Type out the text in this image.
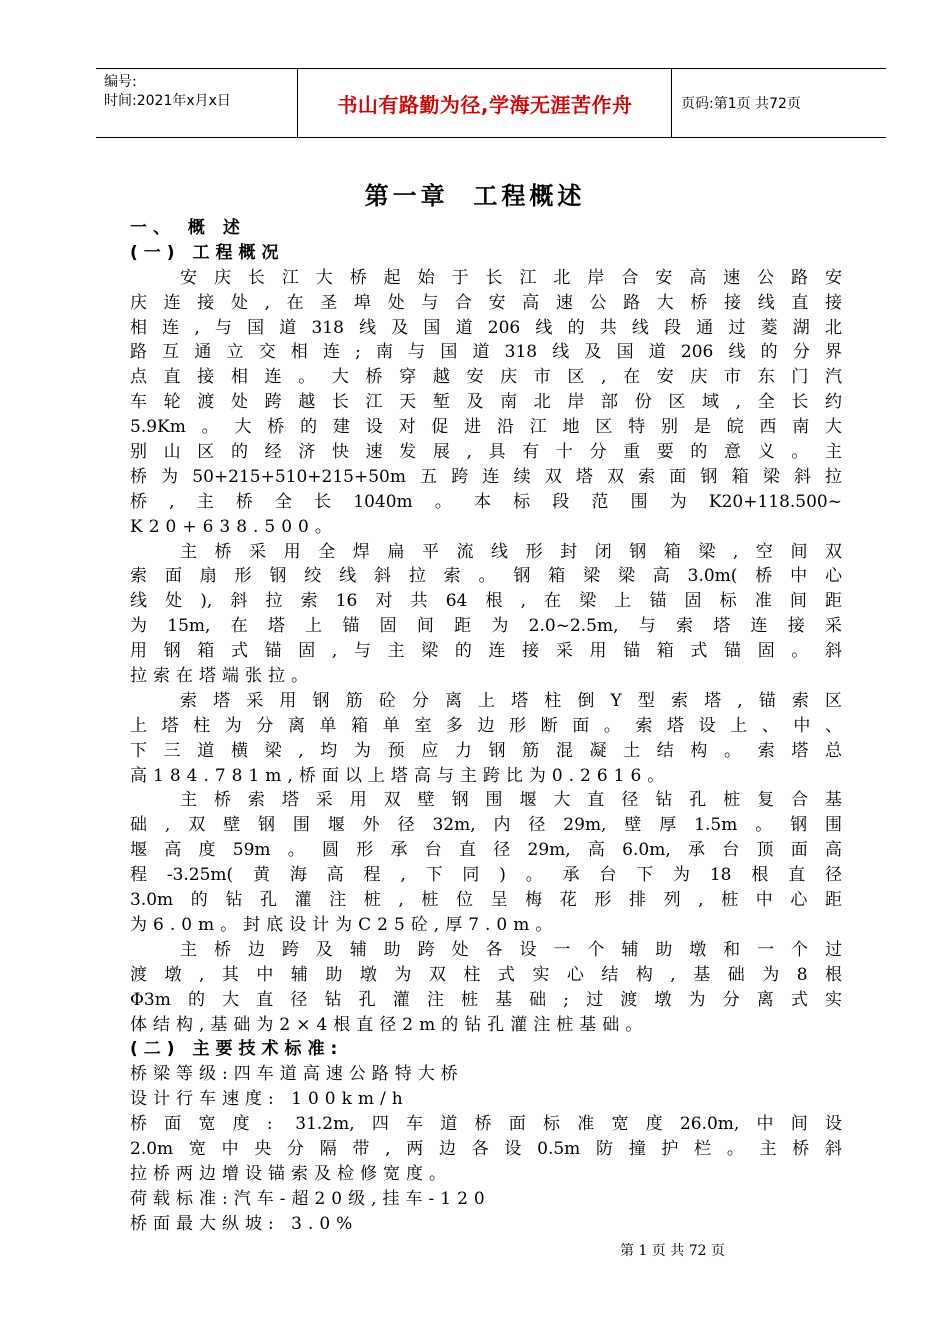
编号:
时间:2021年x月x日	书山有路勤为径,学海无涯苦作舟	页码:第1页 共72页
第一章  工程概述
一、 概 述
(一) 工程概况
安庆长江大桥起始于长江北岸合安高速公路安
庆连接处,在圣埠处与合安高速公路大桥接线直接
相连,与国道318线及国道206线的共线段通过菱湖北
路互通立交相连;南与国道318线及国道206线的分界
点直接相连。大桥穿越安庆市区,在安庆市东门汽
车轮渡处跨越长江天堑及南北岸部份区域,全长约
5.9Km。大桥的建设对促进沿江地区特别是皖西南大
别山区的经济快速发展,具有十分重要的意义。主
桥为50+215+510+215+50m五跨连续双塔双索面钢箱梁斜拉
桥,主桥全长1040m。本标段范围为K20+118.500~
K20+638.500。
主桥采用全焊扁平流线形封闭钢箱梁,空间双
索面扇形钢绞线斜拉索。钢箱梁梁高3.0m(桥中心
线处),斜拉索16对共64根,在梁上锚固标准间距
为15m,在塔上锚固间距为2.0~2.5m,与索塔连接采
用钢箱式锚固,与主梁的连接采用锚箱式锚固。斜
拉索在塔端张拉。
索塔采用钢筋砼分离上塔柱倒Y型索塔,锚索区
上塔柱为分离单箱单室多边形断面。索塔设上、中、
下三道横梁,均为预应力钢筋混凝土结构。索塔总
高184.781m,桥面以上塔高与主跨比为0.2616。
主桥索塔采用双壁钢围堰大直径钻孔桩复合基
础,双壁钢围堰外径32m,内径29m,壁厚1.5m。钢围
堰高度59m。圆形承台直径29m,高6.0m,承台顶面高
程-3.25m(黄海高程,下同)。承台下为18根直径
3.0m的钻孔灌注桩,桩位呈梅花形排列,桩中心距
为6.0m。封底设计为C25砼,厚7.0m。
主桥边跨及辅助跨处各设一个辅助墩和一个过
渡墩,其中辅助墩为双柱式实心结构,基础为8根
Φ3m的大直径钻孔灌注桩基础;过渡墩为分离式实
体结构,基础为2×4根直径2m的钻孔灌注桩基础。
(二) 主要技术标准:
桥梁等级:四车道高速公路特大桥
设计行车速度: 100km/h
桥面宽度: 31.2m,四车道桥面标准宽度26.0m,中间设
2.0m宽中央分隔带,两边各设0.5m防撞护栏。主桥斜
拉桥两边增设锚索及检修宽度。
荷载标准:汽车-超20级,挂车-120
桥面最大纵坡: 3.0%
第 1 页 共 72 页
